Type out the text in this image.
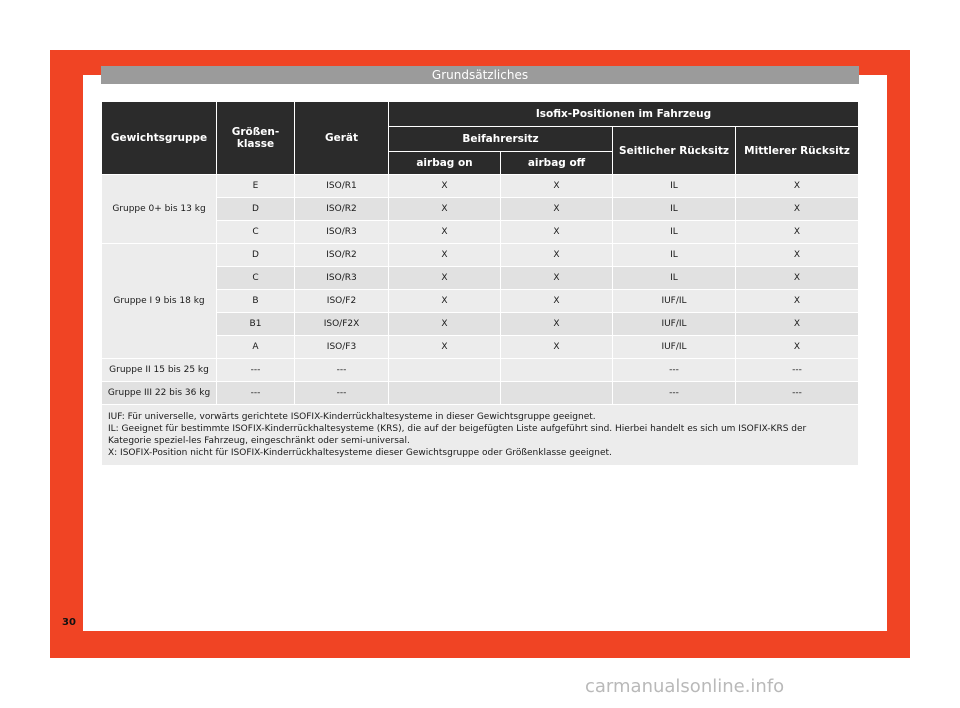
Grundsätzliches
Gewichtsgruppe	Größen-
klasse	Gerät	Isofix-Positionen im Fahrzeug			
			Beifahrersitz		Seitlicher Rücksitz	Mittlerer Rücksitz
			airbag on	airbag off		
Gruppe 0+ bis 13 kg	E	ISO/R1	X	X	IL	X
	D	ISO/R2	X	X	IL	X
	C	ISO/R3	X	X	IL	X
Gruppe I 9 bis 18 kg	D	ISO/R2	X	X	IL	X
	C	ISO/R3	X	X	IL	X
	B	ISO/F2	X	X	IUF/IL	X
	B1	ISO/F2X	X	X	IUF/IL	X
	A	ISO/F3	X	X	IUF/IL	X
Gruppe II 15 bis 25 kg	---	---			---	---
Gruppe III 22 bis 36 kg	---	---			---	---

IUF: Für universelle, vorwärts gerichtete ISOFIX-Kinderrückhaltesysteme in dieser Gewichtsgruppe geeignet.
IL: Geeignet für bestimmte ISOFIX-Kinderrückhaltesysteme (KRS), die auf der beigefügten Liste aufgeführt sind. Hierbei handelt es sich um ISOFIX-KRS der Kategorie speziel-les Fahrzeug, eingeschränkt oder semi-universal.
X: ISOFIX-Position nicht für ISOFIX-Kinderrückhaltesysteme dieser Gewichtsgruppe oder Größenklasse geeignet.						
30
carmanualsonline.info
